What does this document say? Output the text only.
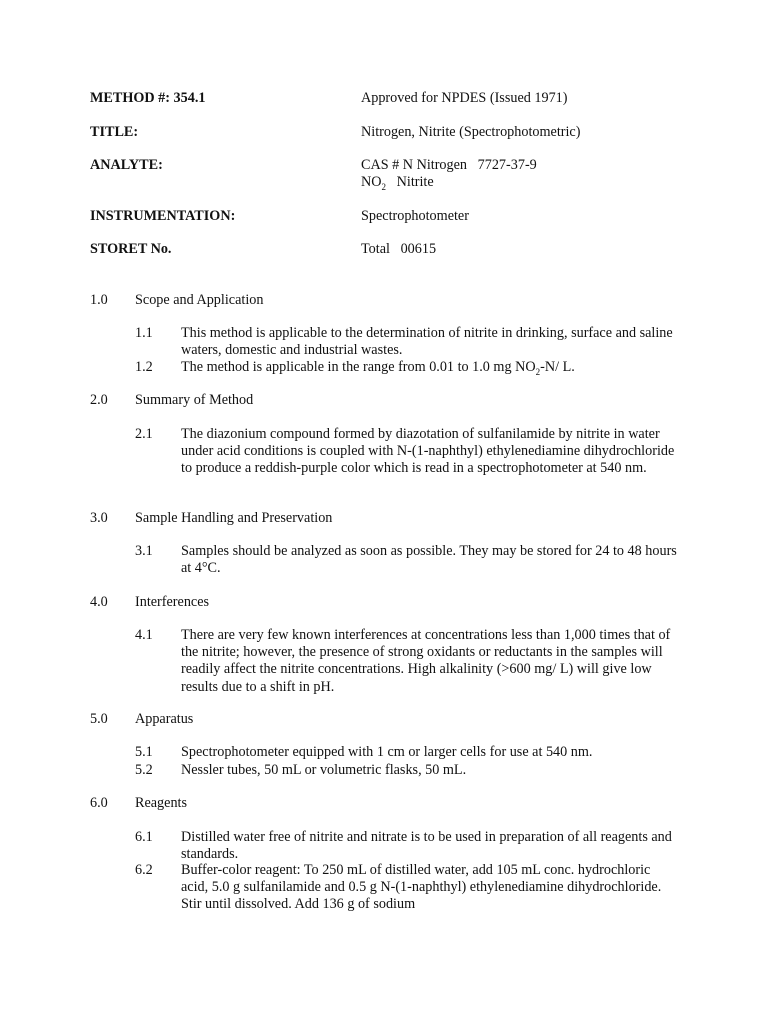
METHOD #: 354.1	Approved for NPDES (Issued 1971)
TITLE:	Nitrogen, Nitrite (Spectrophotometric)
ANALYTE:	CAS # N Nitrogen   7727-37-9
$NO_2$   Nitrite
INSTRUMENTATION:	Spectrophotometer
STORET No.	Total   00615
1.0 Scope and Application
1.1 This method is applicable to the determination of nitrite in drinking, surface and saline waters, domestic and industrial wastes.
1.2 The method is applicable in the range from 0.01 to 1.0 mg $NO_2-N/$ L.
2.0 Summary of Method
2.1 The diazonium compound formed by diazotation of sulfanilamide by nitrite in water under acid conditions is coupled with N-(1-naphthyl) ethylenediamine dihydrochloride to produce a reddish-purple color which is read in a spectrophotometer at 540 nm.
3.0 Sample Handling and Preservation
3.1 Samples should be analyzed as soon as possible. They may be stored for 24 to 48 hours at 4°C.
4.0 Interferences
4.1 There are very few known interferences at concentrations less than 1,000 times that of the nitrite; however, the presence of strong oxidants or reductants in the samples will readily affect the nitrite concentrations. High alkalinity (>600 mg/ L) will give low results due to a shift in pH.
5.0 Apparatus
5.1 Spectrophotometer equipped with 1 cm or larger cells for use at 540 nm.
5.2 Nessler tubes, 50 mL or volumetric flasks, 50 mL.
6.0 Reagents
6.1 Distilled water free of nitrite and nitrate is to be used in preparation of all reagents and standards.
6.2 Buffer-color reagent: To 250 mL of distilled water, add 105 mL conc. hydrochloric acid, 5.0 g sulfanilamide and 0.5 g N-(1-naphthyl) ethylenediamine dihydrochloride. Stir until dissolved. Add 136 g of sodium
